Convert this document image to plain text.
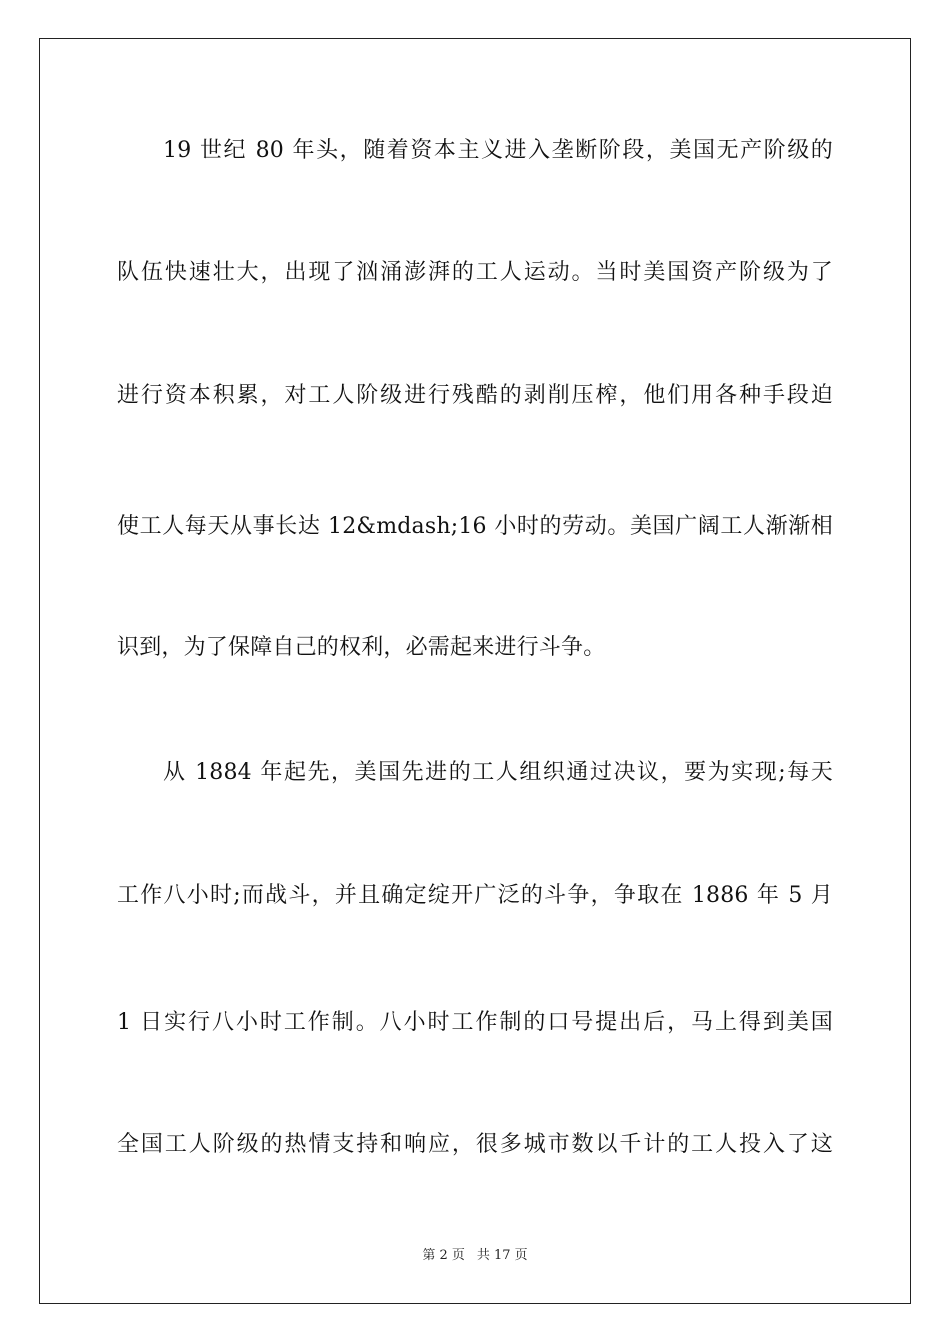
19 世纪 80 年头，随着资本主义进入垄断阶段，美国无产阶级的
队伍快速壮大，出现了汹涌澎湃的工人运动。当时美国资产阶级为了
进行资本积累，对工人阶级进行残酷的剥削压榨，他们用各种手段迫
使工人每天从事长达 12&mdash;16 小时的劳动。美国广阔工人渐渐相
识到，为了保障自己的权利，必需起来进行斗争。
从 1884 年起先，美国先进的工人组织通过决议，要为实现;每天
工作八小时;而战斗，并且确定绽开广泛的斗争，争取在 1886 年 5 月
1 日实行八小时工作制。八小时工作制的口号提出后，马上得到美国
全国工人阶级的热情支持和响应，很多城市数以千计的工人投入了这
第 2 页 共 17 页
